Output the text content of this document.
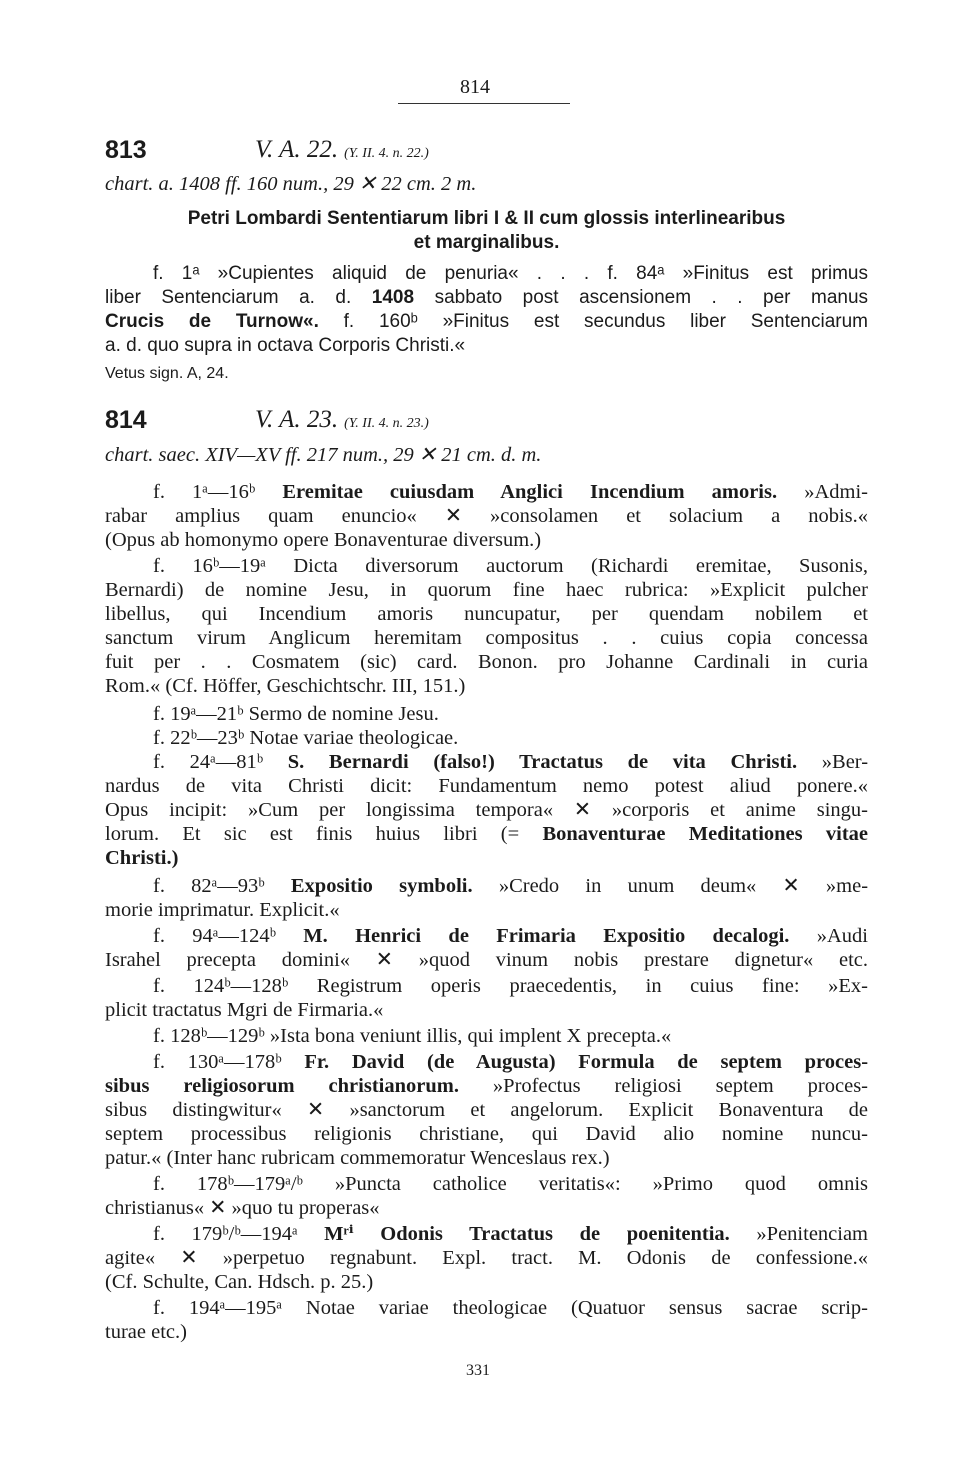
814
813	V. A. 22. (Y. II. 4. n. 22.)
chart. a. 1408 ff. 160 num., 29 ✕ 22 cm. 2 m.
Petri Lombardi Sententiarum libri I & II cum glossis interlinearibus
et marginalibus.
f. 1ᵃ »Cupientes aliquid de penuria« . . . f. 84ᵃ »Finitus est primus
liber Sentenciarum a. d. 1408 sabbato post ascensionem . . per manus
Crucis de Turnow«. f. 160ᵇ »Finitus est secundus liber Sentenciarum
a. d. quo supra in octava Corporis Christi.«
Vetus sign. A, 24.
814	V. A. 23. (Y. II. 4. n. 23.)
chart. saec. XIV—XV ff. 217 num., 29 ✕ 21 cm. d. m.
f. 1ᵃ—16ᵇ Eremitae cuiusdam Anglici Incendium amoris. »Admi-
rabar amplius quam enuncio« ✕ »consolamen et solacium a nobis.«
(Opus ab homonymo opere Bonaventurae diversum.)
f. 16ᵇ—19ᵃ Dicta diversorum auctorum (Richardi eremitae, Susonis,
Bernardi) de nomine Jesu, in quorum fine haec rubrica: »Explicit pulcher
libellus, qui Incendium amoris nuncupatur, per quendam nobilem et
sanctum virum Anglicum heremitam compositus . . cuius copia concessa
fuit per . . Cosmatem (sic) card. Bonon. pro Johanne Cardinali in curia
Rom.« (Cf. Höffer, Geschichtschr. III, 151.)
f. 19ᵃ—21ᵇ Sermo de nomine Jesu.
f. 22ᵇ—23ᵇ Notae variae theologicae.
f. 24ᵃ—81ᵇ S. Bernardi (falso!) Tractatus de vita Christi. »Ber-
nardus de vita Christi dicit: Fundamentum nemo potest aliud ponere.«
Opus incipit: »Cum per longissima tempora« ✕ »corporis et anime singu-
lorum. Et sic est finis huius libri (= Bonaventurae Meditationes vitae
Christi.)
f. 82ᵃ—93ᵇ Expositio symboli. »Credo in unum deum« ✕ »me-
morie imprimatur. Explicit.«
f. 94ᵃ—124ᵇ M. Henrici de Frimaria Expositio decalogi. »Audi
Israhel precepta domini« ✕ »quod vinum nobis prestare dignetur« etc.
f. 124ᵇ—128ᵇ Registrum operis praecedentis, in cuius fine: »Ex-
plicit tractatus Mgri de Firmaria.«
f. 128ᵇ—129ᵇ »Ista bona veniunt illis, qui implent X precepta.«
f. 130ᵃ—178ᵇ Fr. David (de Augusta) Formula de septem proces-
sibus religiosorum christianorum. »Profectus religiosi septem proces-
sibus distingwitur« ✕ »sanctorum et angelorum. Explicit Bonaventura de
septem processibus religionis christiane, qui David alio nomine nuncu-
patur.« (Inter hanc rubricam commemoratur Wenceslaus rex.)
f. 178ᵇ—179ᵃ/ᵇ »Puncta catholice veritatis«: »Primo quod omnis
christianus« ✕ »quo tu properas«
f. 179ᵇ/ᵇ—194ᵃ Mʳⁱ Odonis Tractatus de poenitentia. »Penitenciam
agite« ✕ »perpetuo regnabunt. Expl. tract. M. Odonis de confessione.«
(Cf. Schulte, Can. Hdsch. p. 25.)
f. 194ᵃ—195ᵃ Notae variae theologicae (Quatuor sensus sacrae scrip-
turae etc.)
331
